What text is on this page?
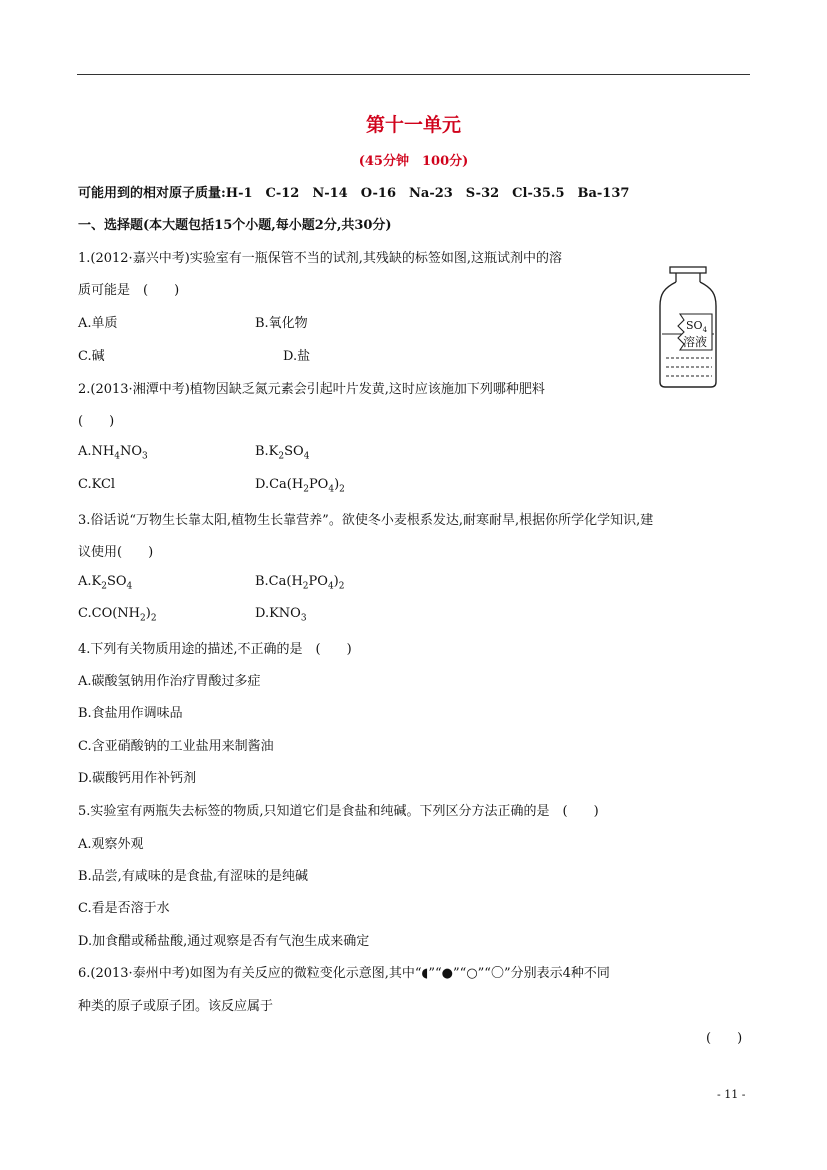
第十一单元
(45分钟　100分)
可能用到的相对原子质量:H-1　C-12　N-14　O-16　Na-23　S-32　Cl-35.5　Ba-137
一、选择题(本大题包括15个小题,每小题2分,共30分)
1.(2012·嘉兴中考)实验室有一瓶保管不当的试剂,其残缺的标签如图,这瓶试剂中的溶
质可能是　(　　)
A.单质	B.氧化物
C.碱	D.盐
$SO_4$
溶液
2.(2013·湘潭中考)植物因缺乏氮元素会引起叶片发黄,这时应该施加下列哪种肥料
(　　)
$A.NH_4NO_3$	$B.K_2SO_4$
C.KCl	$D.Ca(H_2PO_4)_2$
3.俗话说“万物生长靠太阳,植物生长靠营养”。欲使冬小麦根系发达,耐寒耐旱,根据你所学化学知识,建
议使用(　　)
$A.K_2SO_4$	$B.Ca(H_2PO_4)_2$
$C.CO(NH_2)_2$	$D.KNO_3$
4.下列有关物质用途的描述,不正确的是　(　　)
A.碳酸氢钠用作治疗胃酸过多症
B.食盐用作调味品
C.含亚硝酸钠的工业盐用来制酱油
D.碳酸钙用作补钙剂
5.实验室有两瓶失去标签的物质,只知道它们是食盐和纯碱。下列区分方法正确的是　(　　)
A.观察外观
B.品尝,有咸味的是食盐,有涩味的是纯碱
C.看是否溶于水
D.加食醋或稀盐酸,通过观察是否有气泡生成来确定
6.(2013·泰州中考)如图为有关反应的微粒变化示意图,其中“◖”“●”“○”“〇”分别表示4种不同
种类的原子或原子团。该反应属于
(　　)
- 11 -
